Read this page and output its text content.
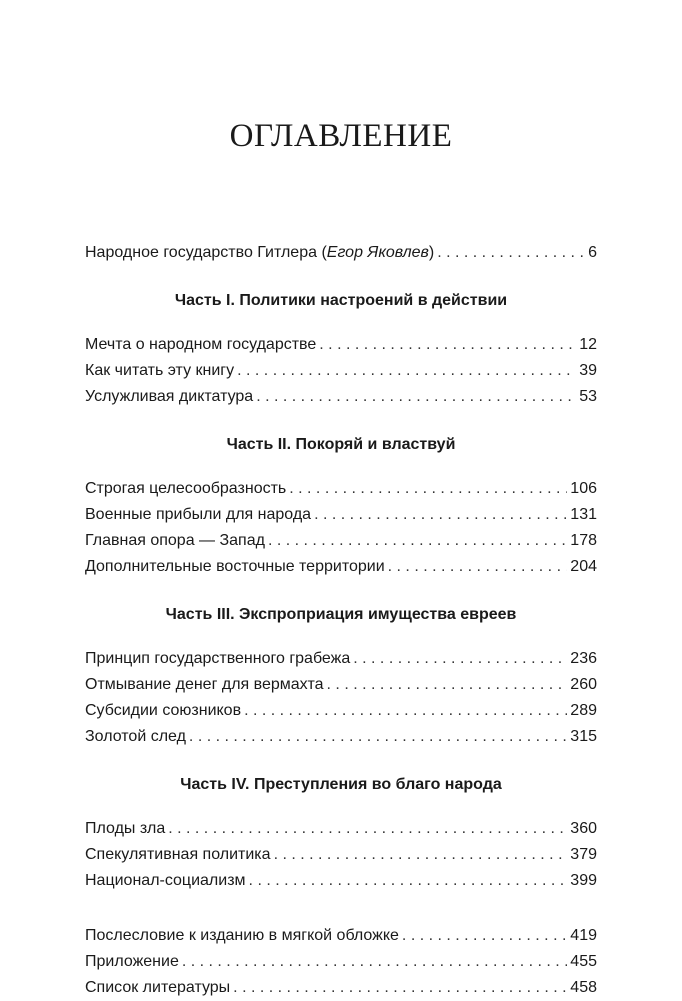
ОГЛАВЛЕНИЕ
Народное государство Гитлера (Егор Яковлев) . . .	6
Часть I. Политики настроений в действии
Мечта о народном государстве . . .	12
Как читать эту книгу . . .	39
Услужливая диктатура . . .	53
Часть II. Покоряй и властвуй
Строгая целесообразность . . .	106
Военные прибыли для народа . . .	131
Главная опора — Запад . . .	178
Дополнительные восточные территории . . .	204
Часть III. Экспроприация имущества евреев
Принцип государственного грабежа . . .	236
Отмывание денег для вермахта . . .	260
Субсидии союзников . . .	289
Золотой след . . .	315
Часть IV. Преступления во благо народа
Плоды зла . . .	360
Спекулятивная политика . . .	379
Национал-социализм . . .	399
Послесловие к изданию в мягкой обложке . . .	419
Приложение . . .	455
Список литературы . . .	458
